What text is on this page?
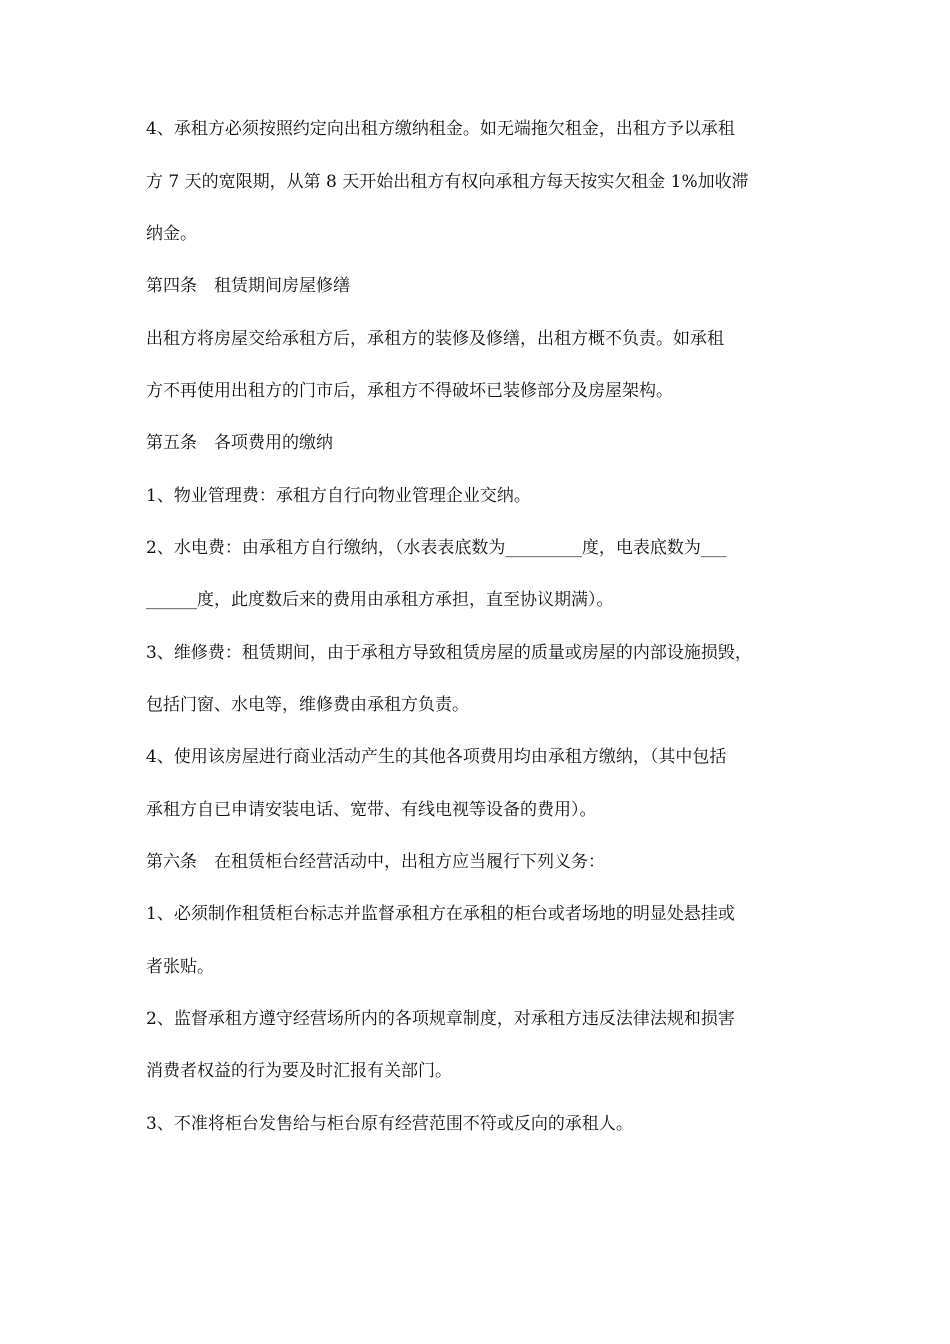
4、承租方必须按照约定向出租方缴纳租金。如无端拖欠租金，出租方予以承租
方 7 天的宽限期，从第 8 天开始出租方有权向承租方每天按实欠租金 1%加收滞
纳金。
第四条　租赁期间房屋修缮
出租方将房屋交给承租方后，承租方的装修及修缮，出租方概不负责。如承租
方不再使用出租方的门市后，承租方不得破坏已装修部分及房屋架构。
第五条　各项费用的缴纳
1、物业管理费：承租方自行向物业管理企业交纳。
2、水电费：由承租方自行缴纳，（水表表底数为_________度，电表底数为___
______度，此度数后来的费用由承租方承担，直至协议期满）。
3、维修费：租赁期间，由于承租方导致租赁房屋的质量或房屋的内部设施损毁，
包括门窗、水电等，维修费由承租方负责。
4、使用该房屋进行商业活动产生的其他各项费用均由承租方缴纳，（其中包括
承租方自已申请安装电话、宽带、有线电视等设备的费用）。
第六条　在租赁柜台经营活动中，出租方应当履行下列义务：
1、必须制作租赁柜台标志并监督承租方在承租的柜台或者场地的明显处悬挂或
者张贴。
2、监督承租方遵守经营场所内的各项规章制度，对承租方违反法律法规和损害
消费者权益的行为要及时汇报有关部门。
3、不准将柜台发售给与柜台原有经营范围不符或反向的承租人。
